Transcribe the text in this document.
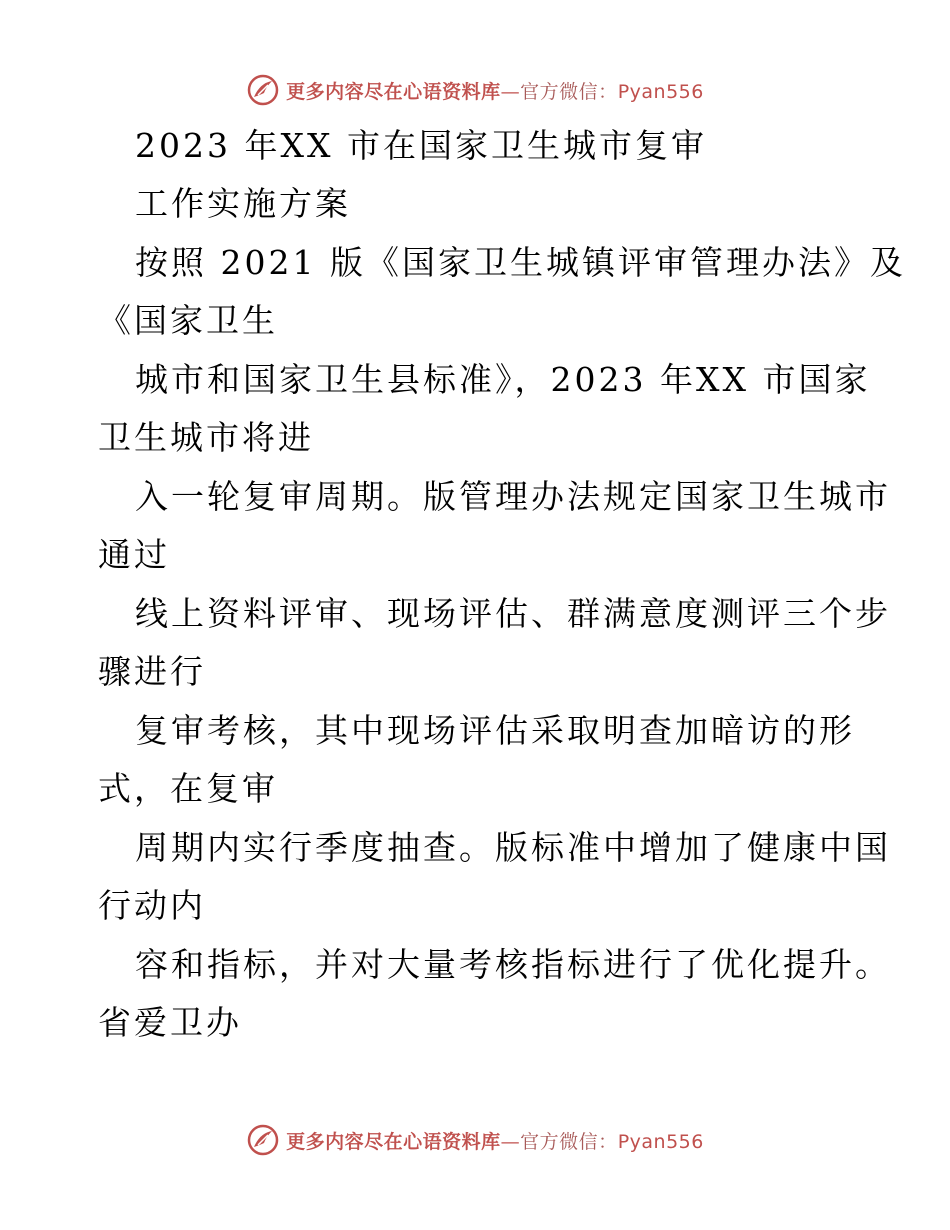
更多内容尽在心语资料库—官方微信：Pyan556
2023 年XX 市在国家卫生城市复审
工作实施方案
按照 2021 版《国家卫生城镇评审管理办法》及
《国家卫生
城市和国家卫生县标准》，2023 年XX 市国家
卫生城市将进
入一轮复审周期。版管理办法规定国家卫生城市
通过
线上资料评审、现场评估、群满意度测评三个步
骤进行
复审考核，其中现场评估采取明查加暗访的形
式，在复审
周期内实行季度抽查。版标准中增加了健康中国
行动内
容和指标，并对大量考核指标进行了优化提升。
省爱卫办
更多内容尽在心语资料库—官方微信：Pyan556
